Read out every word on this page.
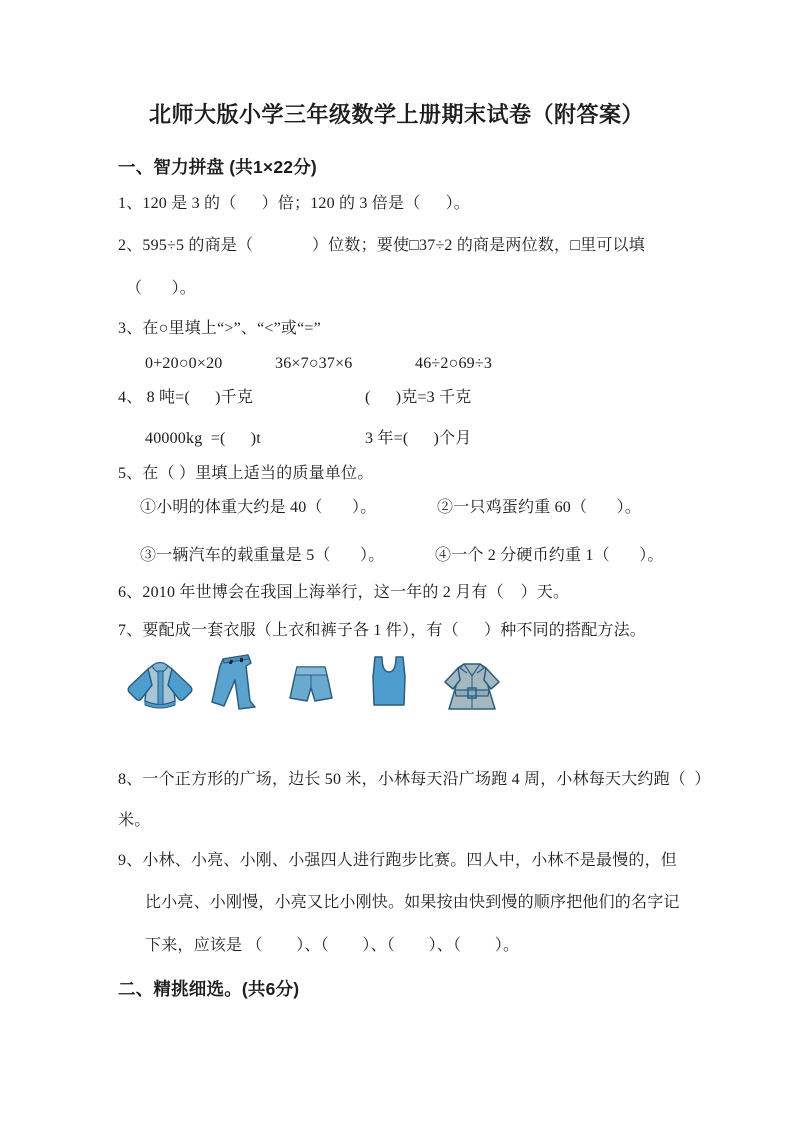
北师大版小学三年级数学上册期末试卷（附答案）
一、智力拼盘 (共1×22分)
1、120 是 3 的（      ）倍；120 的 3 倍是（      ）。
2、595÷5 的商是（              ）位数；要使□37÷2 的商是两位数，□里可以填
（       ）。
3、在○里填上“>”、“<”或“=”
0+20○0×20	36×7○37×6	46÷2○69÷3
4、 8 吨=(      )千克	(      )克=3 千克
40000kg  =(      )t	3 年=(      )个月
5、在（ ）里填上适当的质量单位。
①小明的体重大约是 40（       ）。	②一只鸡蛋约重 60（       ）。
③一辆汽车的载重量是 5（       ）。	④一个 2 分硬币约重 1（       ）。
6、2010 年世博会在我国上海举行，这一年的 2 月有（    ）天。
7、要配成一套衣服（上衣和裤子各 1 件），有（      ）种不同的搭配方法。
8、一个正方形的广场，边长 50 米，小林每天沿广场跑 4 周，小林每天大约跑（  ）
米。
9、小林、小亮、小刚、小强四人进行跑步比赛。四人中，小林不是最慢的，但
比小亮、小刚慢，小亮又比小刚快。如果按由快到慢的顺序把他们的名字记
下来，应该是 （        ）、（        ）、（        ）、（        ）。
二、精挑细选。(共6分)
